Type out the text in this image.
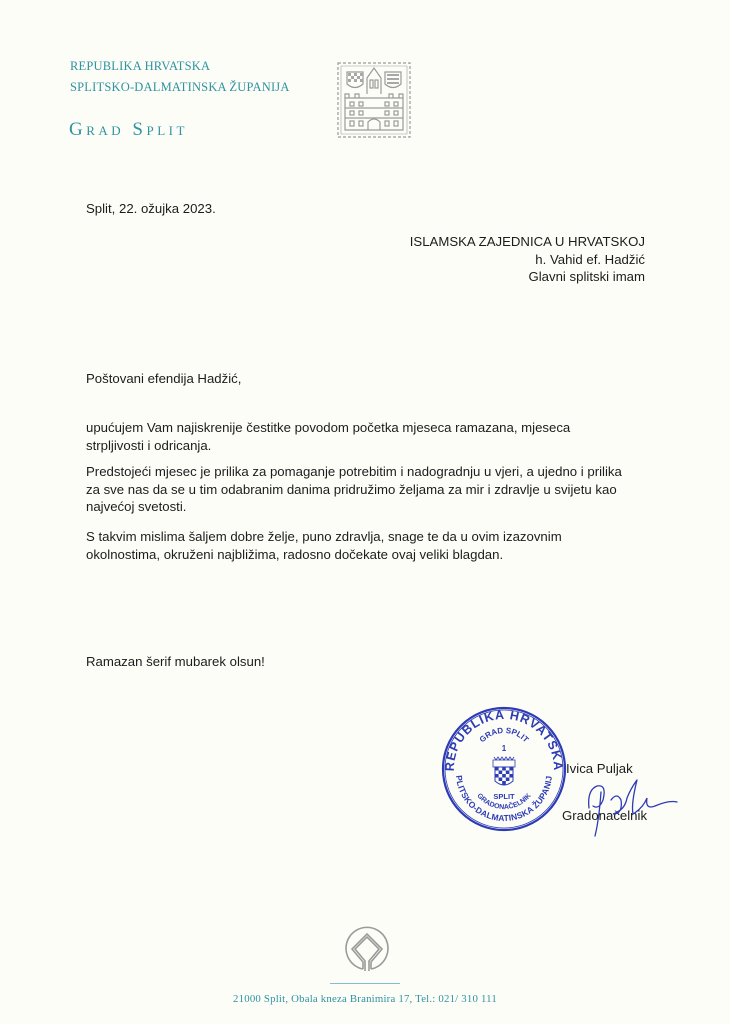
REPUBLIKA HRVATSKA
SPLITSKO-DALMATINSKA ŽUPANIJA
Grad Split
Split, 22. ožujka 2023.
ISLAMSKA ZAJEDNICA U HRVATSKOJ
h. Vahid ef. Hadžić
Glavni splitski imam
Poštovani efendija Hadžić,
upućujem Vam najiskrenije čestitke povodom početka mjeseca ramazana, mjeseca
strpljivosti i odricanja.
Predstojeći mjesec je prilika za pomaganje potrebitim i nadogradnju u vjeri, a ujedno i prilika
za sve nas da se u tim odabranim danima pridružimo željama za mir i zdravlje u svijetu kao
najvećoj svetosti.
S takvim mislima šaljem dobre želje, puno zdravlja, snage te da u ovim izazovnim
okolnostima, okruženi najbližima, radosno dočekate ovaj veliki blagdan.
Ramazan šerif mubarek olsun!
REPUBLIKA HRVATSKA
PLITSKO-DALMATINSKA ŽUPANIJ
GRAD SPLIT
GRADONAČELNIK
1
SPLIT
Ivica Puljak
Gradonačelnik
21000 Split, Obala kneza Branimira 17, Tel.: 021/ 310 111
